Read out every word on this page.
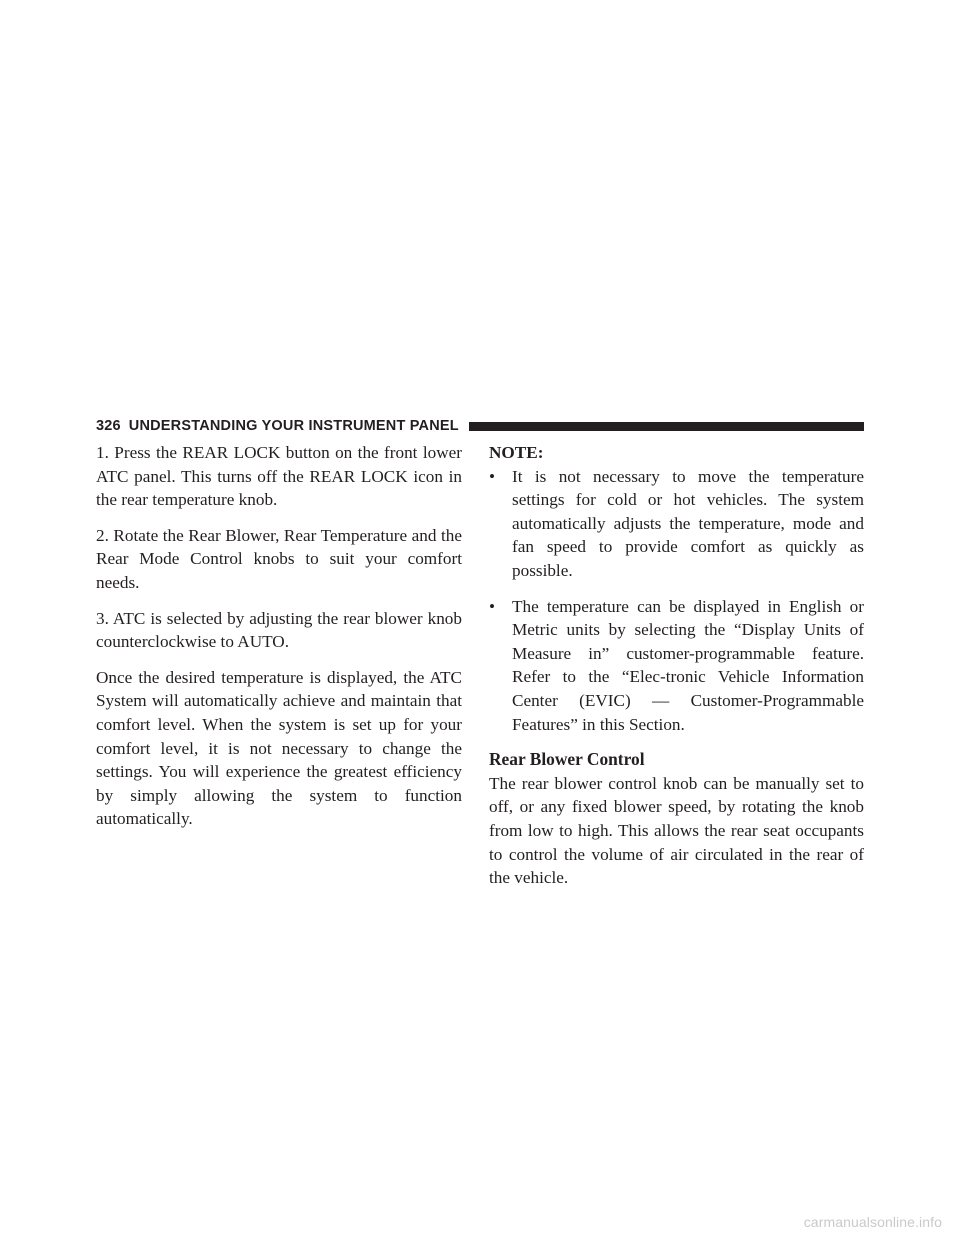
326 UNDERSTANDING YOUR INSTRUMENT PANEL

1. Press the REAR LOCK button on the front lower ATC panel. This turns off the REAR LOCK icon in the rear temperature knob.

2. Rotate the Rear Blower, Rear Temperature and the Rear Mode Control knobs to suit your comfort needs.

3. ATC is selected by adjusting the rear blower knob counterclockwise to AUTO.

Once the desired temperature is displayed, the ATC System will automatically achieve and maintain that comfort level. When the system is set up for your comfort level, it is not necessary to change the settings. You will experience the greatest efficiency by simply allowing the system to function automatically.

NOTE:
• It is not necessary to move the temperature settings for cold or hot vehicles. The system automatically adjusts the temperature, mode and fan speed to provide comfort as quickly as possible.
• The temperature can be displayed in English or Metric units by selecting the “Display Units of Measure in” customer-programmable feature. Refer to the “Elec-tronic Vehicle Information Center (EVIC) — Customer-Programmable Features” in this Section.
Rear Blower Control

The rear blower control knob can be manually set to off, or any fixed blower speed, by rotating the knob from low to high. This allows the rear seat occupants to control the volume of air circulated in the rear of the vehicle.

carmanualsonline.info
